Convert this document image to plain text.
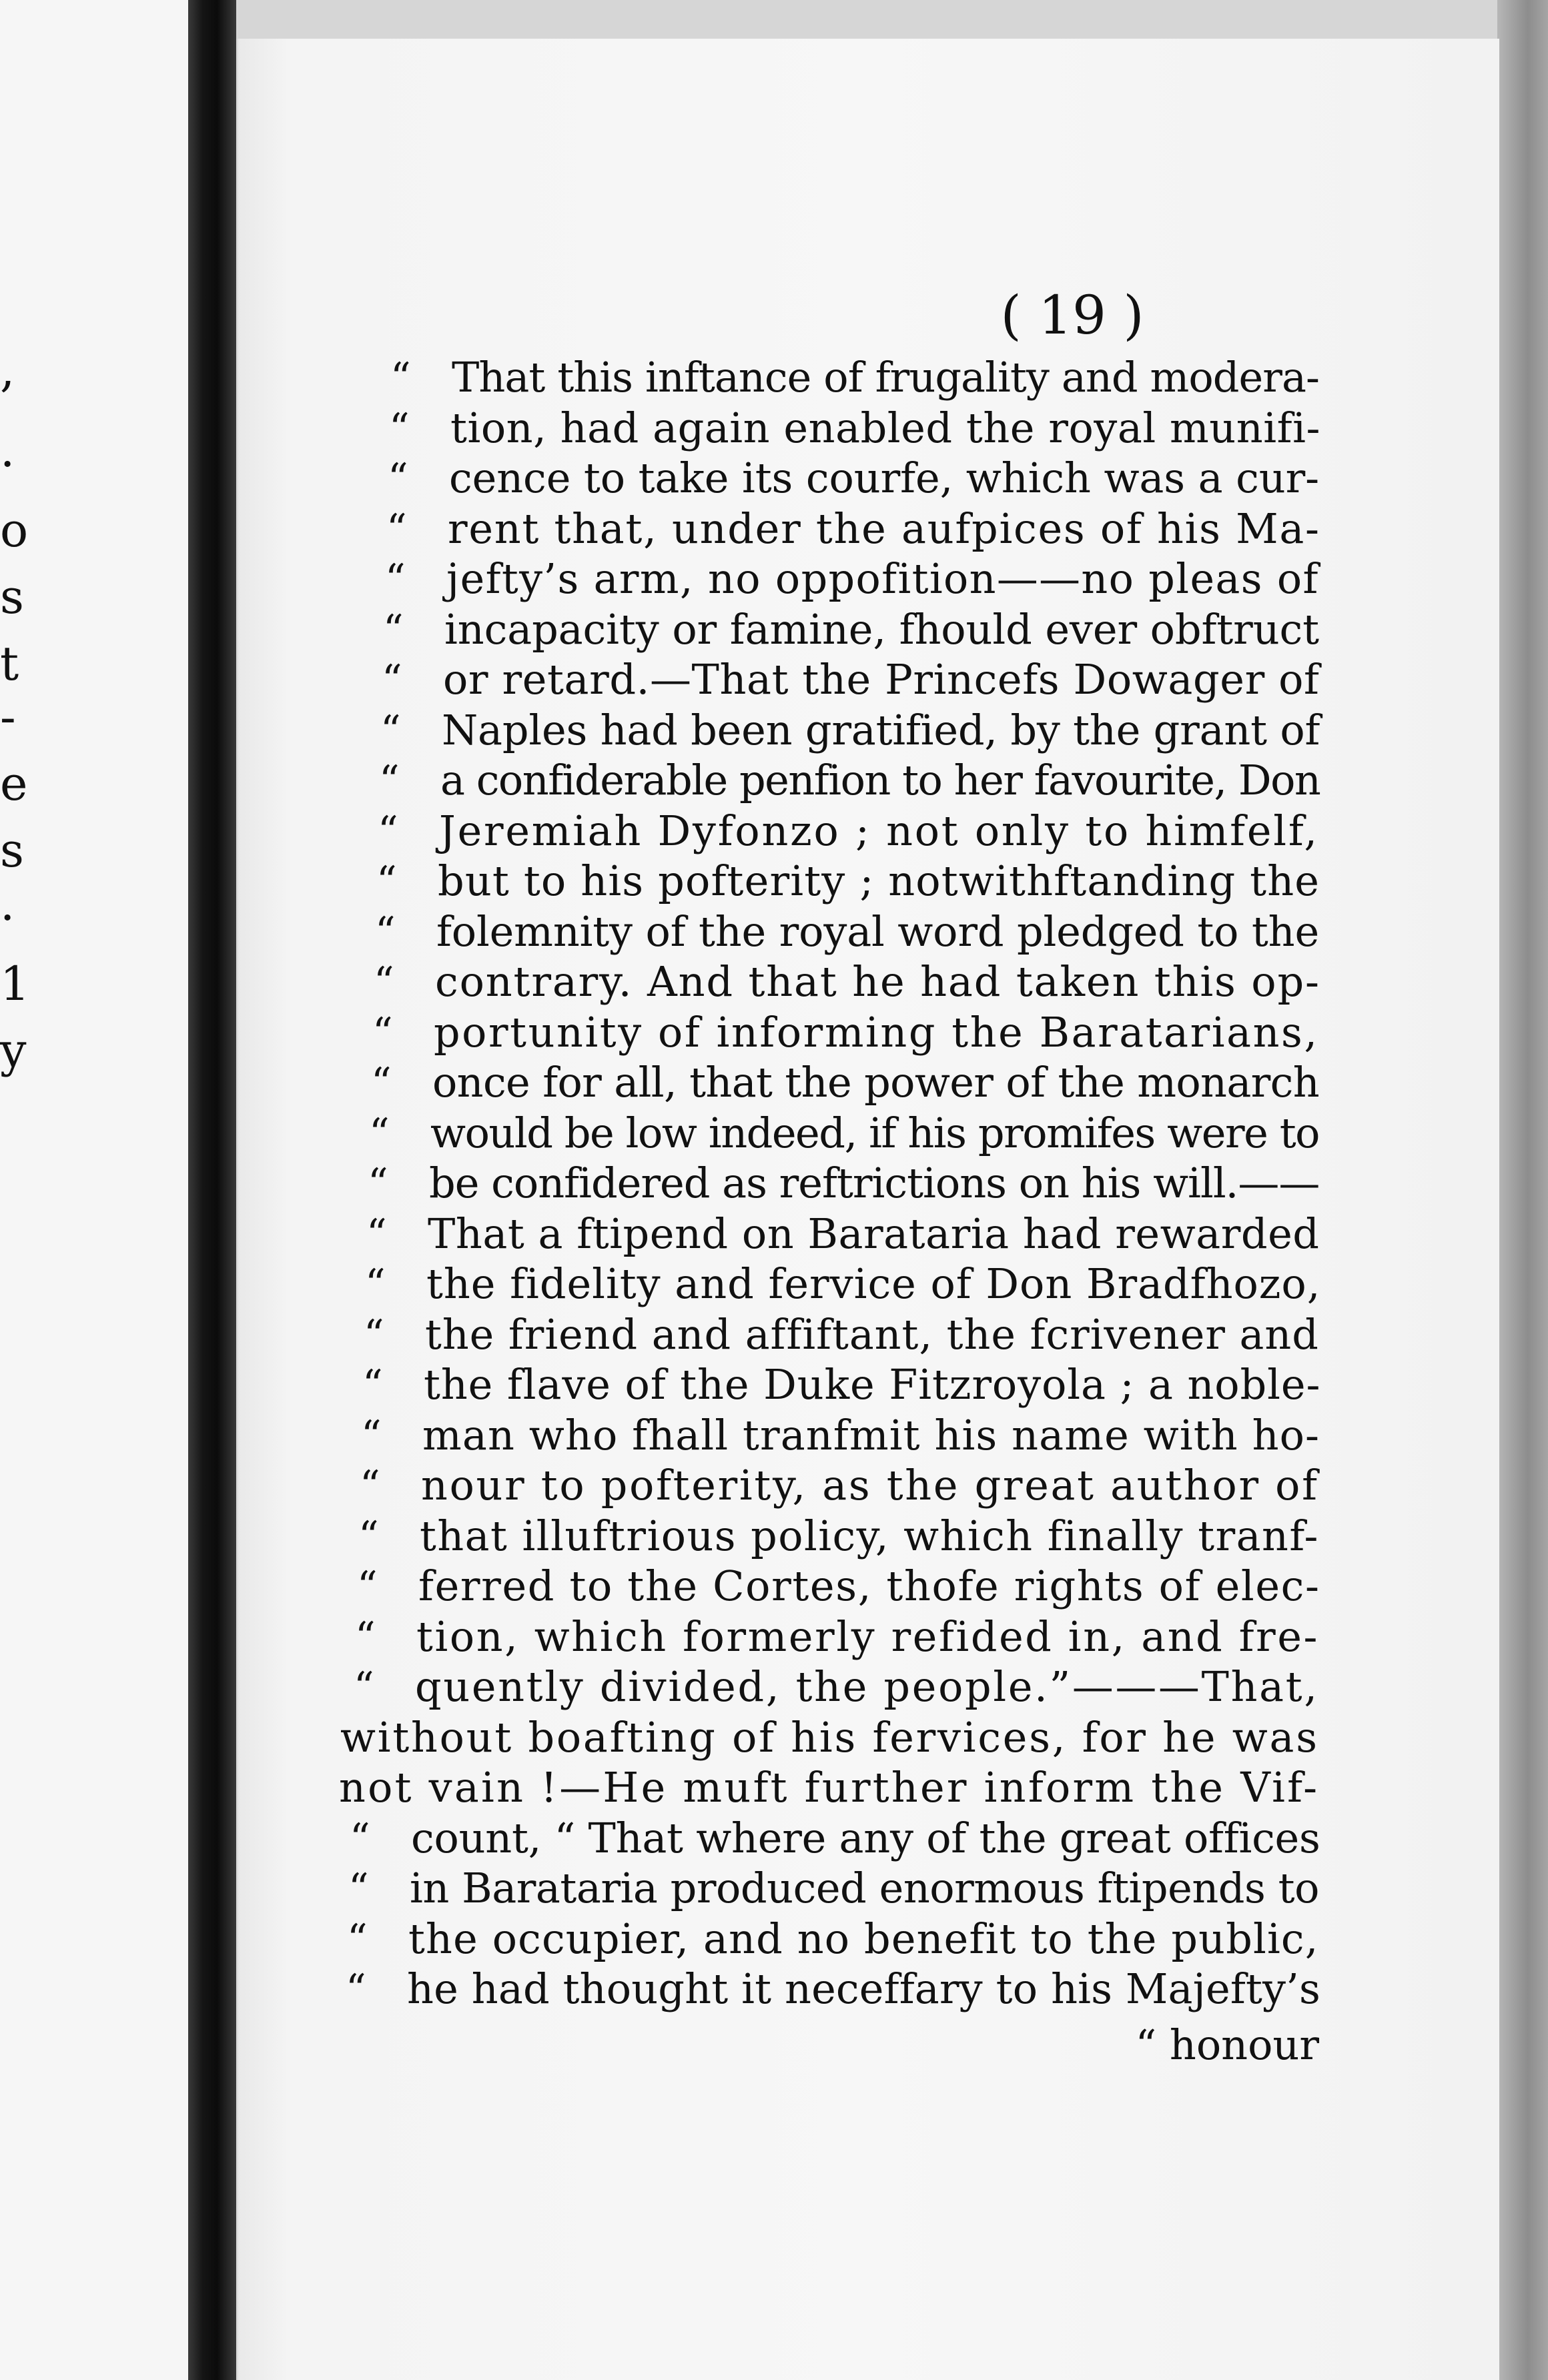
,
.
o
s
t
-
e
s
.
1
y
( 19 )
“ That this inftance of frugality and modera-
“ tion, had again enabled the royal munifi-
“ cence to take its courfe, which was a cur-
“ rent that, under the aufpices of his Ma-
“ jefty’s arm, no oppofition——no pleas of
“ incapacity or famine, fhould ever obftruct
“ or retard.—That the Princefs Dowager of
“ Naples had been gratified, by the grant of
“ a confiderable penfion to her favourite, Don
“ Jeremiah Dyfonzo ; not only to himfelf,
“ but to his pofterity ; notwithftanding the
“ folemnity of the royal word pledged to the
“ contrary. And that he had taken this op-
“ portunity of informing the Baratarians,
“ once for all, that the power of the monarch
“ would be low indeed, if his promifes were to
“ be confidered as reftrictions on his will.——
“ That a ftipend on Barataria had rewarded
“ the fidelity and fervice of Don Bradfhozo,
“ the friend and affiftant, the fcrivener and
“ the flave of the Duke Fitzroyola ; a noble-
“ man who fhall tranfmit his name with ho-
“ nour to pofterity, as the great author of
“ that illuftrious policy, which finally tranf-
“ ferred to the Cortes, thofe rights of elec-
“ tion, which formerly refided in, and fre-
“ quently divided, the people.”———That,
without boafting of his fervices, for he was
not vain !—He muft further inform the Vif-
“ count, “ That where any of the great offices
“ in Barataria produced enormous ftipends to
“ the occupier, and no benefit to the public,
“ he had thought it neceffary to his Majefty’s
“ honour
